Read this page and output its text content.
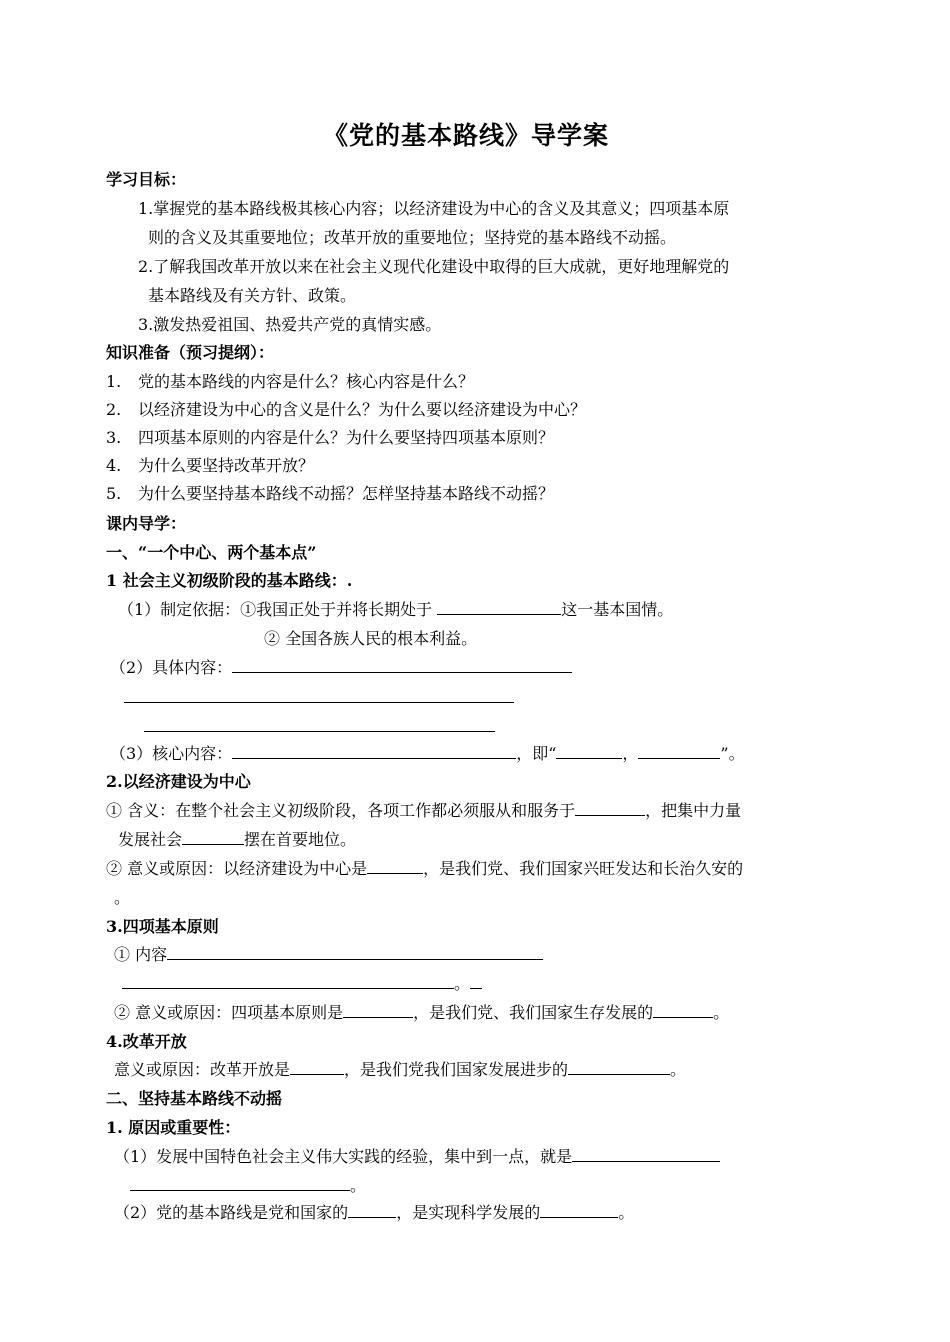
《党的基本路线》导学案
学习目标：
1.掌握党的基本路线极其核心内容；以经济建设为中心的含义及其意义；四项基本原
则的含义及其重要地位；改革开放的重要地位；坚持党的基本路线不动摇。
2.了解我国改革开放以来在社会主义现代化建设中取得的巨大成就，更好地理解党的
基本路线及有关方针、政策。
3.激发热爱祖国、热爱共产党的真情实感。
知识准备（预习提纲）：
1. 党的基本路线的内容是什么？核心内容是什么？
2. 以经济建设为中心的含义是什么？为什么要以经济建设为中心？
3. 四项基本原则的内容是什么？为什么要坚持四项基本原则？
4. 为什么要坚持改革开放？
5. 为什么要坚持基本路线不动摇？怎样坚持基本路线不动摇？
课内导学：
一、“一个中心、两个基本点”
1 社会主义初级阶段的基本路线：.
（1）制定依据：①我国正处于并将长期处于	这一基本国情。
② 全国各族人民的根本利益。
（2）具体内容：
（3）核心内容：	，即“	，	”。
2.以经济建设为中心
① 含义：在整个社会主义初级阶段，各项工作都必须服从和服务于	，把集中力量
发展社会	摆在首要地位。
② 意义或原因：以经济建设为中心是	，是我们党、我们国家兴旺发达和长治久安的
。
3.四项基本原则
① 内容
。
② 意义或原因：四项基本原则是	，是我们党、我们国家生存发展的	。
4.改革开放
意义或原因：改革开放是	，是我们党我们国家发展进步的	。
二、坚持基本路线不动摇
1. 原因或重要性：
（1）发展中国特色社会主义伟大实践的经验，集中到一点，就是
。
（2）党的基本路线是党和国家的	，是实现科学发展的	。
